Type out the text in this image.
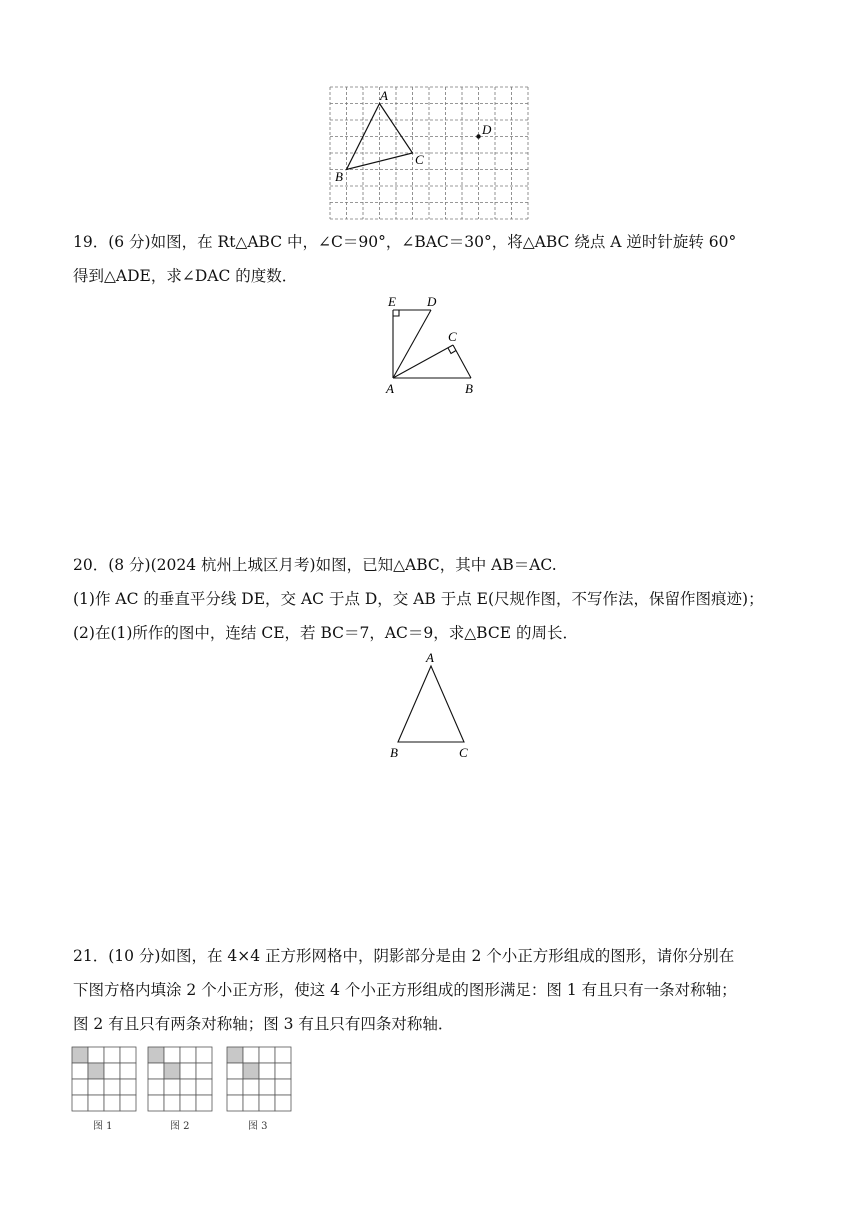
A
B
C
D
19．(6 分)如图，在 Rt△ABC 中，∠C＝90°，∠BAC＝30°，将△ABC 绕点 A 逆时针旋转 60°
得到△ADE，求∠DAC 的度数．
E D
C
A	B
20．(8 分)(2024 杭州上城区月考)如图，已知△ABC，其中 AB＝AC.
(1)作 AC 的垂直平分线 DE，交 AC 于点 D，交 AB 于点 E(尺规作图，不写作法，保留作图痕迹)；
(2)在(1)所作的图中，连结 CE，若 BC＝7，AC＝9，求△BCE 的周长．
A
B	C
21．(10 分)如图，在 4×4 正方形网格中，阴影部分是由 2 个小正方形组成的图形，请你分别在
下图方格内填涂 2 个小正方形，使这 4 个小正方形组成的图形满足：图 1 有且只有一条对称轴；
图 2 有且只有两条对称轴；图 3 有且只有四条对称轴．
图 1	图 2	图 3
